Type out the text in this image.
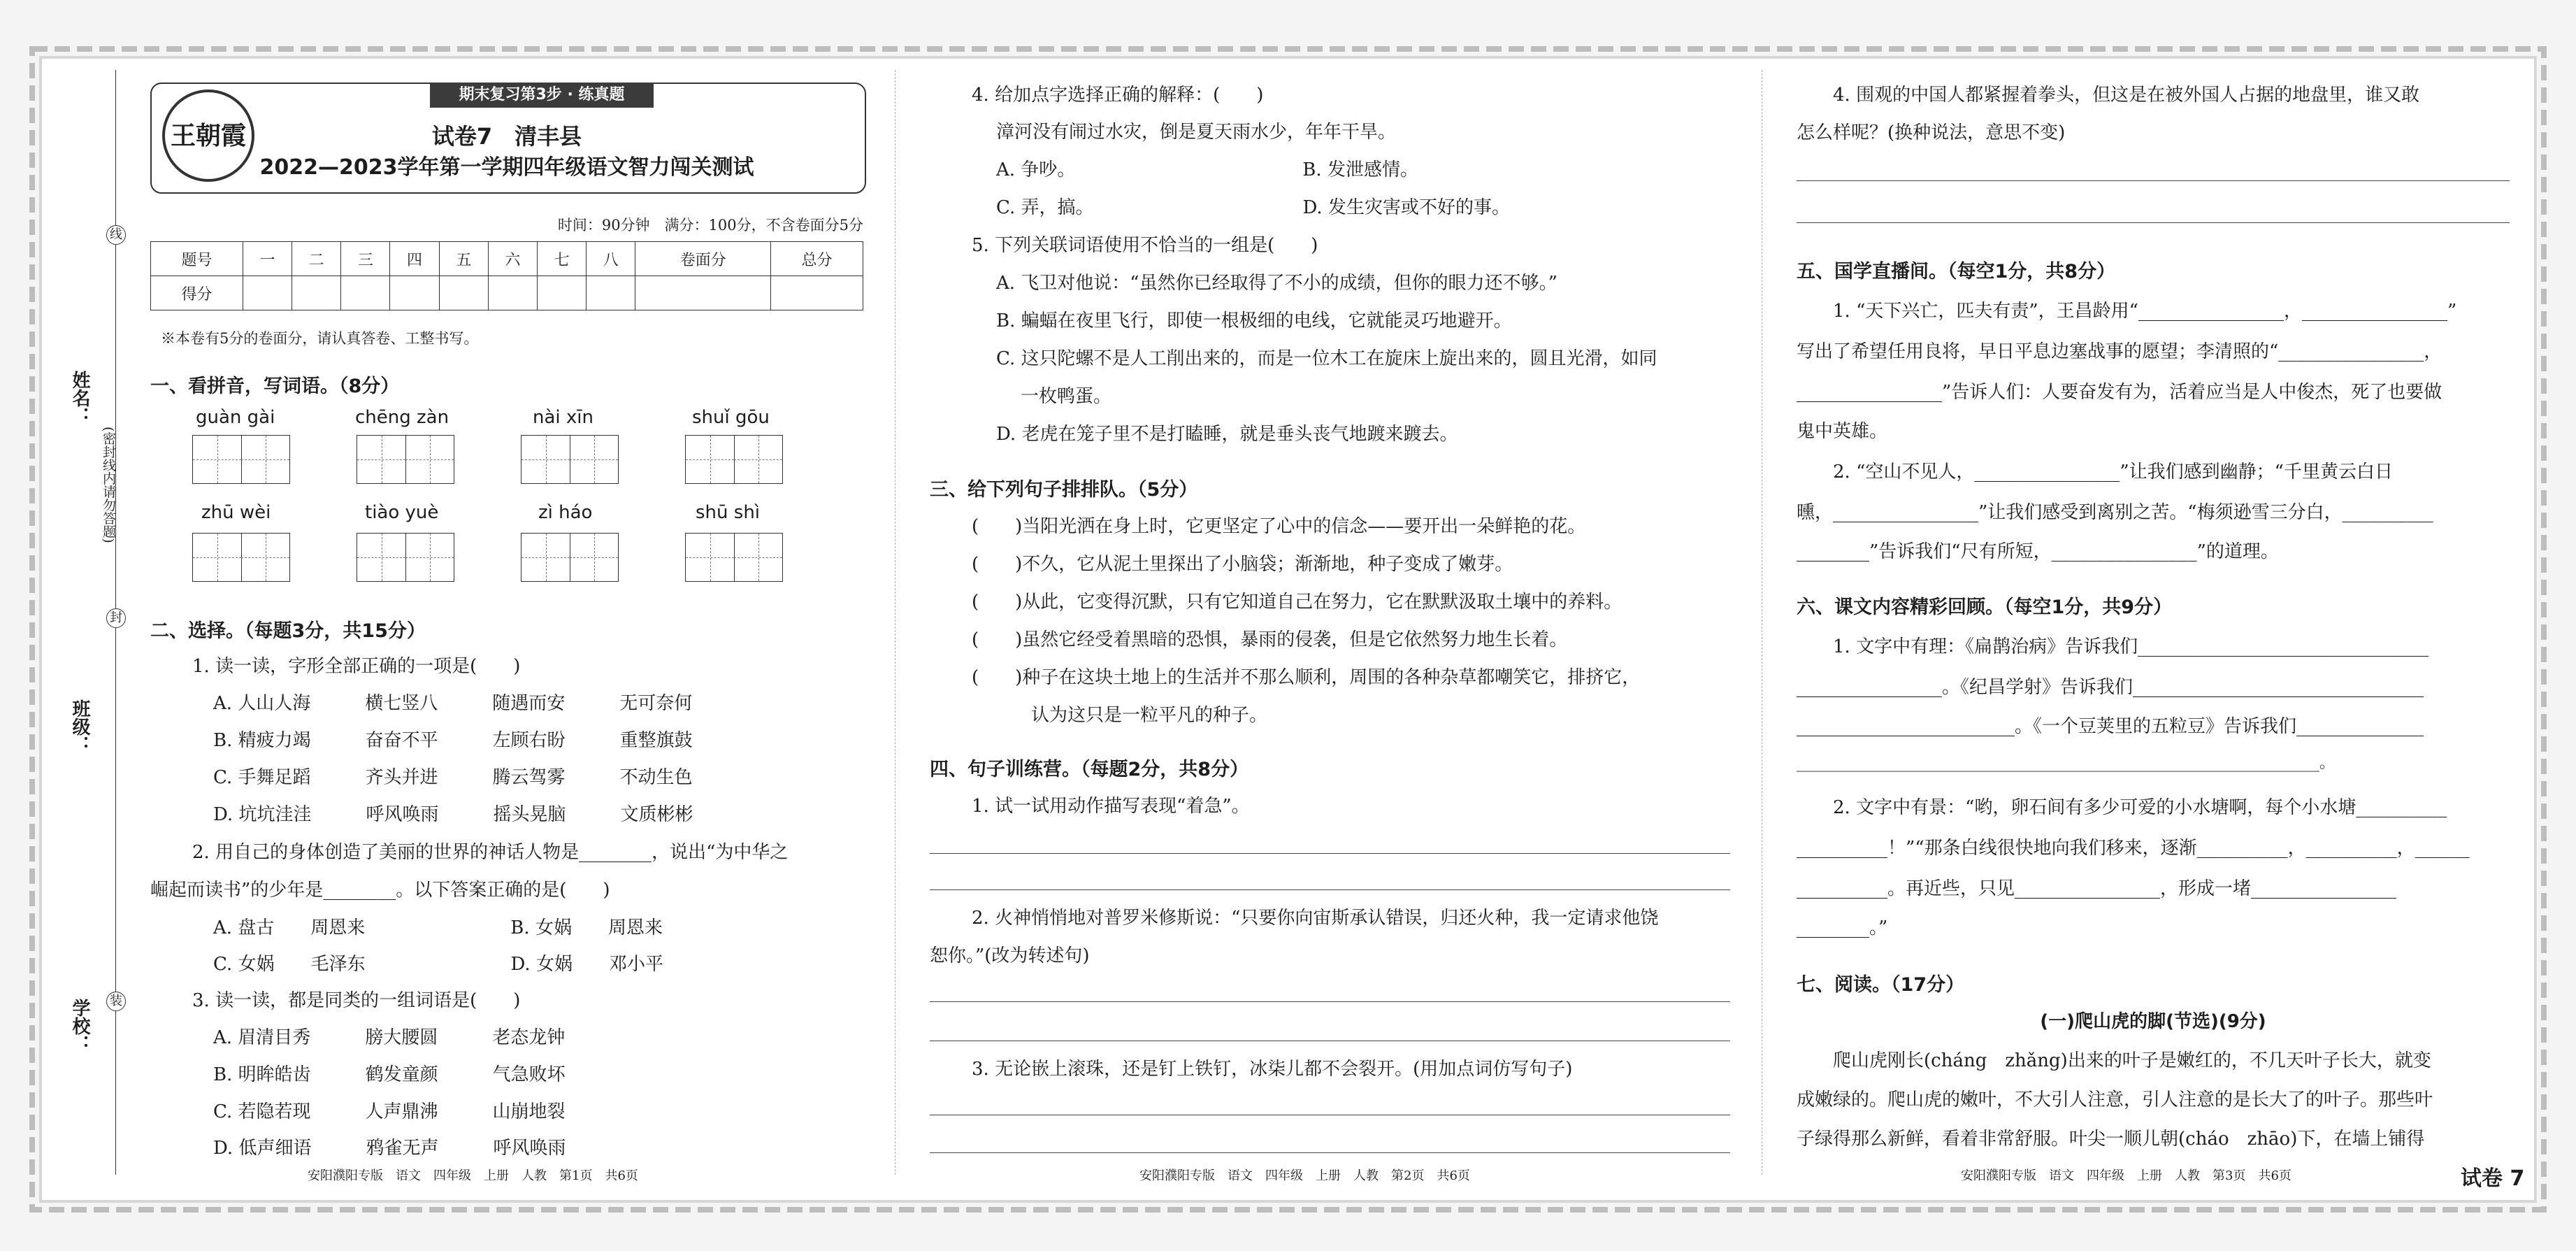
线
封
装
(密封线内请勿答题)
姓名：
班级：
学校：
王朝霞
期末复习第3步 · 练真题
试卷7　清丰县
2022—2023学年第一学期四年级语文智力闯关测试
时间：90分钟　满分：100分，不含卷面分5分
题号	一	二	三	四	五	六	七	八	卷面分	总分
得分										
※本卷有5分的卷面分，请认真答卷、工整书写。
一、看拼音，写词语。（8分）
guàn gài	chēng zàn	nài xīn	shuǐ gōu
zhū wèi	tiào yuè	zì háo	shū shì
二、选择。（每题3分，共15分）
1. 读一读，字形全部正确的一项是(　　)
A. 人山人海　　　横七竖八　　　随遇而安　　　无可奈何
B. 精疲力竭　　　奋奋不平　　　左顾右盼　　　重整旗鼓
C. 手舞足蹈　　　齐头并进　　　腾云驾雾　　　不动生色
D. 坑坑洼洼　　　呼风唤雨　　　摇头晃脑　　　文质彬彬
2. 用自己的身体创造了美丽的世界的神话人物是________，说出“为中华之
崛起而读书”的少年是________。以下答案正确的是(　　)
A. 盘古　　周恩来　　　　　　　　B. 女娲　　周恩来
C. 女娲　　毛泽东　　　　　　　　D. 女娲　　邓小平
3. 读一读，都是同类的一组词语是(　　)
A. 眉清目秀　　　膀大腰圆　　　老态龙钟
B. 明眸皓齿　　　鹤发童颜　　　气急败坏
C. 若隐若现　　　人声鼎沸　　　山崩地裂
D. 低声细语　　　鸦雀无声　　　呼风唤雨
安阳濮阳专版　语文　四年级　上册　人教　第1页　共6页
4. 给加点字选择正确的解释：(　　)
漳河没有闹过水灾，倒是夏天雨水少，年年干旱。
A. 争吵。　　　　　　　　　　　　　B. 发泄感情。
C. 弄，搞。　　　　　　　　　　　　D. 发生灾害或不好的事。
5. 下列关联词语使用不恰当的一组是(　　)
A. 飞卫对他说：“虽然你已经取得了不小的成绩，但你的眼力还不够。”
B. 蝙蝠在夜里飞行，即使一根极细的电线，它就能灵巧地避开。
C. 这只陀螺不是人工削出来的，而是一位木工在旋床上旋出来的，圆且光滑，如同
一枚鸭蛋。
D. 老虎在笼子里不是打瞌睡，就是垂头丧气地踱来踱去。
三、给下列句子排排队。（5分）
(　　)当阳光洒在身上时，它更坚定了心中的信念——要开出一朵鲜艳的花。
(　　)不久，它从泥土里探出了小脑袋；渐渐地，种子变成了嫩芽。
(　　)从此，它变得沉默，只有它知道自己在努力，它在默默汲取土壤中的养料。
(　　)虽然它经受着黑暗的恐惧，暴雨的侵袭，但是它依然努力地生长着。
(　　)种子在这块土地上的生活并不那么顺利，周围的各种杂草都嘲笑它，排挤它，
认为这只是一粒平凡的种子。
四、句子训练营。（每题2分，共8分）
1. 试一试用动作描写表现“着急”。
2. 火神悄悄地对普罗米修斯说：“只要你向宙斯承认错误，归还火种，我一定请求他饶
恕你。”(改为转述句)
3. 无论嵌上滚珠，还是钉上铁钉，冰柒儿都不会裂开。(用加点词仿写句子)
安阳濮阳专版　语文　四年级　上册　人教　第2页　共6页
4. 围观的中国人都紧握着拳头，但这是在被外国人占据的地盘里，谁又敢
怎么样呢？(换种说法，意思不变)
五、国学直播间。（每空1分，共8分）
1. “天下兴亡，匹夫有责”，王昌龄用“________________，________________”
写出了希望任用良将，早日平息边塞战事的愿望；李清照的“________________，
________________”告诉人们：人要奋发有为，活着应当是人中俊杰，死了也要做
鬼中英雄。
2. “空山不见人，________________”让我们感到幽静；“千里黄云白日
曛，________________”让我们感受到离别之苦。“梅须逊雪三分白，__________
________”告诉我们“尺有所短，________________”的道理。
六、课文内容精彩回顾。（每空1分，共9分）
1. 文字中有理：《扁鹊治病》告诉我们________________________________
________________。《纪昌学射》告诉我们________________________________
________________________。《一个豆荚里的五粒豆》告诉我们______________
____________________________________________________________________。
2. 文字中有景：“哟，卵石间有多少可爱的小水塘啊，每个小水塘__________
__________！”“那条白线很快地向我们移来，逐渐__________，__________，______
__________。再近些，只见________________，形成一堵________________
________。”
七、阅读。（17分）
(一)爬山虎的脚(节选)(9分)
爬山虎刚长(cháng　zhǎng)出来的叶子是嫩红的，不几天叶子长大，就变
成嫩绿的。爬山虎的嫩叶，不大引人注意，引人注意的是长大了的叶子。那些叶
子绿得那么新鲜，看着非常舒服。叶尖一顺儿朝(cháo　zhāo)下，在墙上铺得
安阳濮阳专版　语文　四年级　上册　人教　第3页　共6页	试卷 7
